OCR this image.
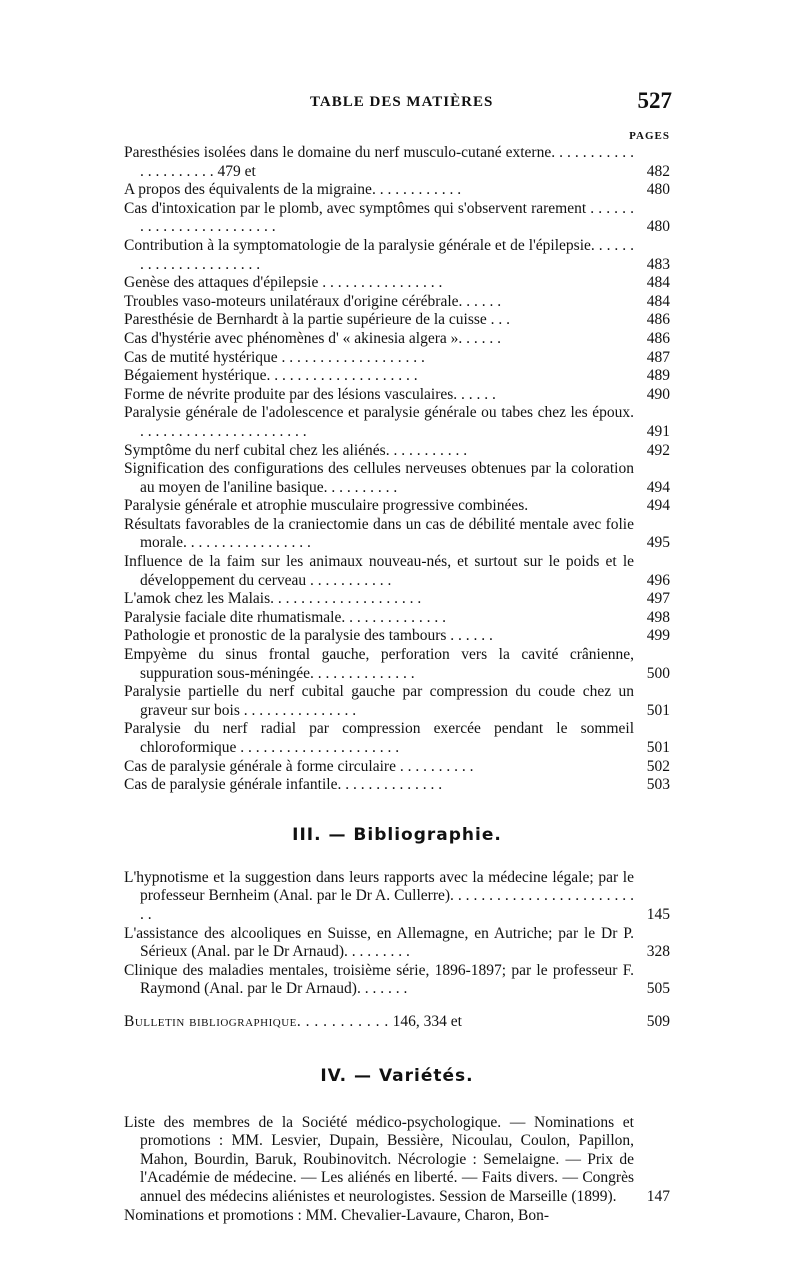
TABLE DES MATIÈRES	527
PAGES
Paresthésies isolées dans le domaine du nerf musculo-cutané externe. . . . . . . . . . . . . . . . . . . . . 479 et	482
A propos des équivalents de la migraine. . . . . . . . . . . .	480
Cas d'intoxication par le plomb, avec symptômes qui s'observent rarement . . . . . . . . . . . . . . . . . . . . . . . .	480
Contribution à la symptomatologie de la paralysie générale et de l'épilepsie. . . . . . . . . . . . . . . . . . . . . .	483
Genèse des attaques d'épilepsie . . . . . . . . . . . . . . . .	484
Troubles vaso-moteurs unilatéraux d'origine cérébrale. . . . . .	484
Paresthésie de Bernhardt à la partie supérieure de la cuisse . . .	486
Cas d'hystérie avec phénomènes d' « akinesia algera ». . . . . .	486
Cas de mutité hystérique . . . . . . . . . . . . . . . . . . .	487
Bégaiement hystérique. . . . . . . . . . . . . . . . . . . .	489
Forme de névrite produite par des lésions vasculaires. . . . . .	490
Paralysie générale de l'adolescence et paralysie générale ou tabes chez les époux. . . . . . . . . . . . . . . . . . . . . . .	491
Symptôme du nerf cubital chez les aliénés. . . . . . . . . . .	492
Signification des configurations des cellules nerveuses obtenues par la coloration au moyen de l'aniline basique. . . . . . . . . .	494
Paralysie générale et atrophie musculaire progressive combinées.	494
Résultats favorables de la craniectomie dans un cas de débilité mentale avec folie morale. . . . . . . . . . . . . . . . .	495
Influence de la faim sur les animaux nouveau-nés, et surtout sur le poids et le développement du cerveau . . . . . . . . . . .	496
L'amok chez les Malais. . . . . . . . . . . . . . . . . . . .	497
Paralysie faciale dite rhumatismale. . . . . . . . . . . . . .	498
Pathologie et pronostic de la paralysie des tambours . . . . . .	499
Empyème du sinus frontal gauche, perforation vers la cavité crânienne, suppuration sous-méningée. . . . . . . . . . . . . .	500
Paralysie partielle du nerf cubital gauche par compression du coude chez un graveur sur bois . . . . . . . . . . . . . . .	501
Paralysie du nerf radial par compression exercée pendant le sommeil chloroformique . . . . . . . . . . . . . . . . . . . . .	501
Cas de paralysie générale à forme circulaire . . . . . . . . . .	502
Cas de paralysie générale infantile. . . . . . . . . . . . . .	503
III. — Bibliographie.
L'hypnotisme et la suggestion dans leurs rapports avec la médecine légale; par le professeur Bernheim (Anal. par le Dr A. Cullerre). . . . . . . . . . . . . . . . . . . . . . . . . .	145
L'assistance des alcooliques en Suisse, en Allemagne, en Autriche; par le Dr P. Sérieux (Anal. par le Dr Arnaud). . . . . . . . .	328
Clinique des maladies mentales, troisième série, 1896-1897; par le professeur F. Raymond (Anal. par le Dr Arnaud). . . . . . .	505
Bulletin bibliographique. . . . . . . . . . . 146, 334 et	509
IV. — Variétés.
Liste des membres de la Société médico-psychologique. — Nominations et promotions : MM. Lesvier, Dupain, Bessière, Nicoulau, Coulon, Papillon, Mahon, Bourdin, Baruk, Roubinovitch. Nécrologie : Semelaigne. — Prix de l'Académie de médecine. — Les aliénés en liberté. — Faits divers. — Congrès annuel des médecins aliénistes et neurologistes. Session de Marseille (1899). 147
Nominations et promotions : MM. Chevalier-Lavaure, Charon, Bon-
